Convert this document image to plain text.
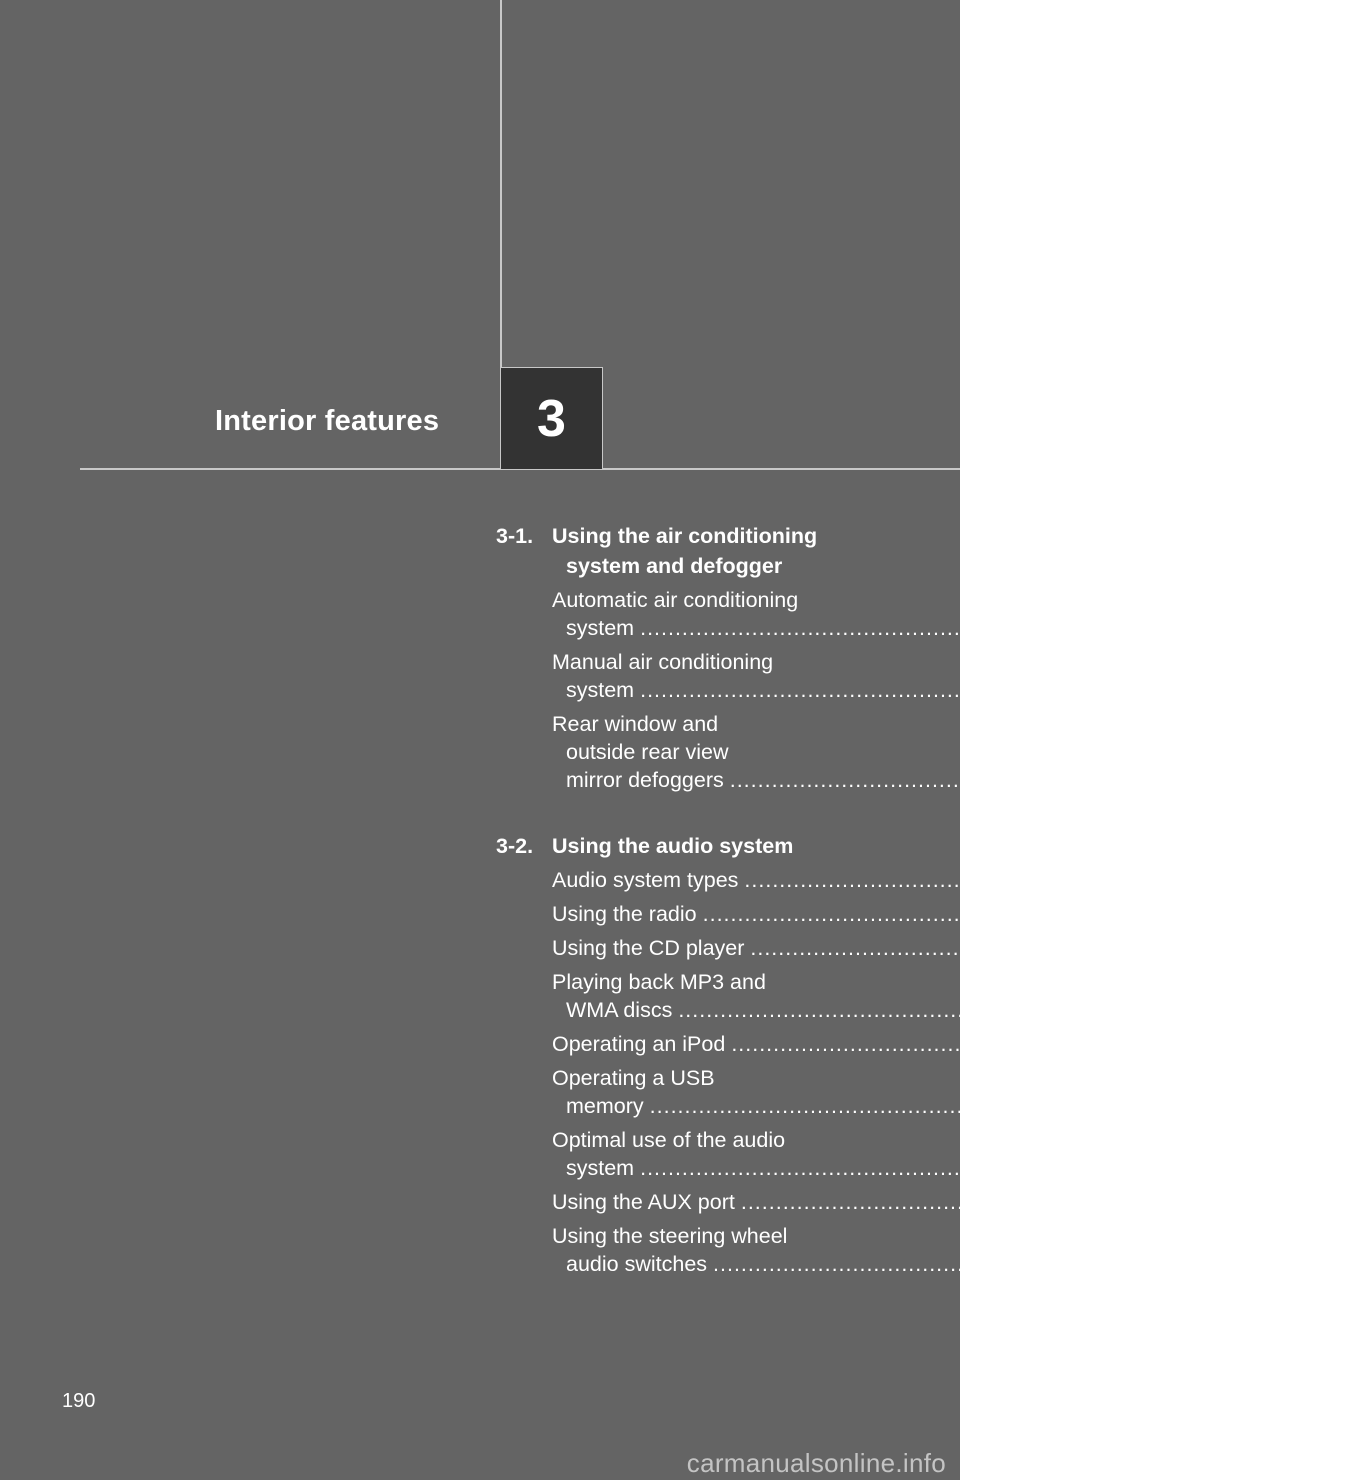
Interior features 3
3-1. Using the air conditioning
system and defogger
Automatic air conditioning
system ................................................................................ 192
Manual air conditioning
system ................................................................................ 198
Rear window and
outside rear view
mirror defoggers ................................................................................ 205
3-2. Using the audio system
Audio system types ................................................................................ 206
Using the radio ................................................................................ 210
Using the CD player ................................................................................ 217
Playing back MP3 and
WMA discs ................................................................................ 225
Operating an iPod ................................................................................ 233
Operating a USB
memory ................................................................................ 240
Optimal use of the audio
system ................................................................................ 248
Using the AUX port ................................................................................ 253
Using the steering wheel
audio switches ................................................................................ 255
190
carmanualsonline.info
